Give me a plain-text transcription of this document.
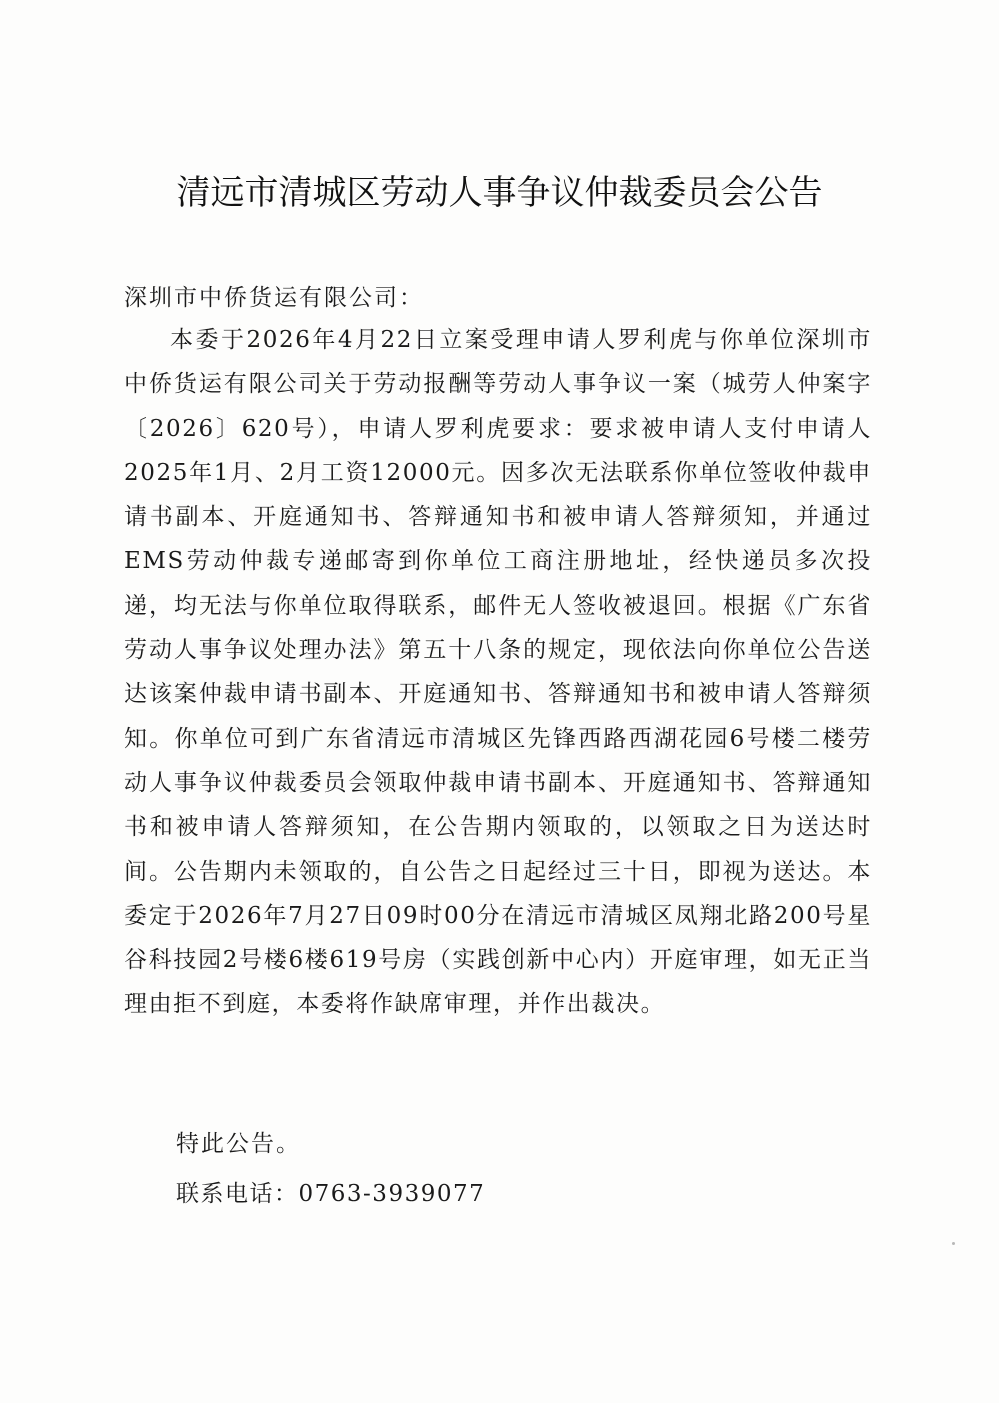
清远市清城区劳动人事争议仲裁委员会公告
深圳市中侨货运有限公司：

本委于2026年4月22日立案受理申请人罗利虎与你单位深圳市中侨货运有限公司关于劳动报酬等劳动人事争议一案（城劳人仲案字〔2026〕620号），申请人罗利虎要求：要求被申请人支付申请人2025年1月、2月工资12000元。因多次无法联系你单位签收仲裁申请书副本、开庭通知书、答辩通知书和被申请人答辩须知，并通过EMS劳动仲裁专递邮寄到你单位工商注册地址，经快递员多次投递，均无法与你单位取得联系，邮件无人签收被退回。根据《广东省劳动人事争议处理办法》第五十八条的规定，现依法向你单位公告送达该案仲裁申请书副本、开庭通知书、答辩通知书和被申请人答辩须知。你单位可到广东省清远市清城区先锋西路西湖花园6号楼二楼劳动人事争议仲裁委员会领取仲裁申请书副本、开庭通知书、答辩通知书和被申请人答辩须知，在公告期内领取的，以领取之日为送达时间。公告期内未领取的，自公告之日起经过三十日，即视为送达。本委定于2026年7月27日09时00分在清远市清城区凤翔北路200号星谷科技园2号楼6楼619号房（实践创新中心内）开庭审理，如无正当理由拒不到庭，本委将作缺席审理，并作出裁决。

特此公告。
联系电话：0763-3939077
